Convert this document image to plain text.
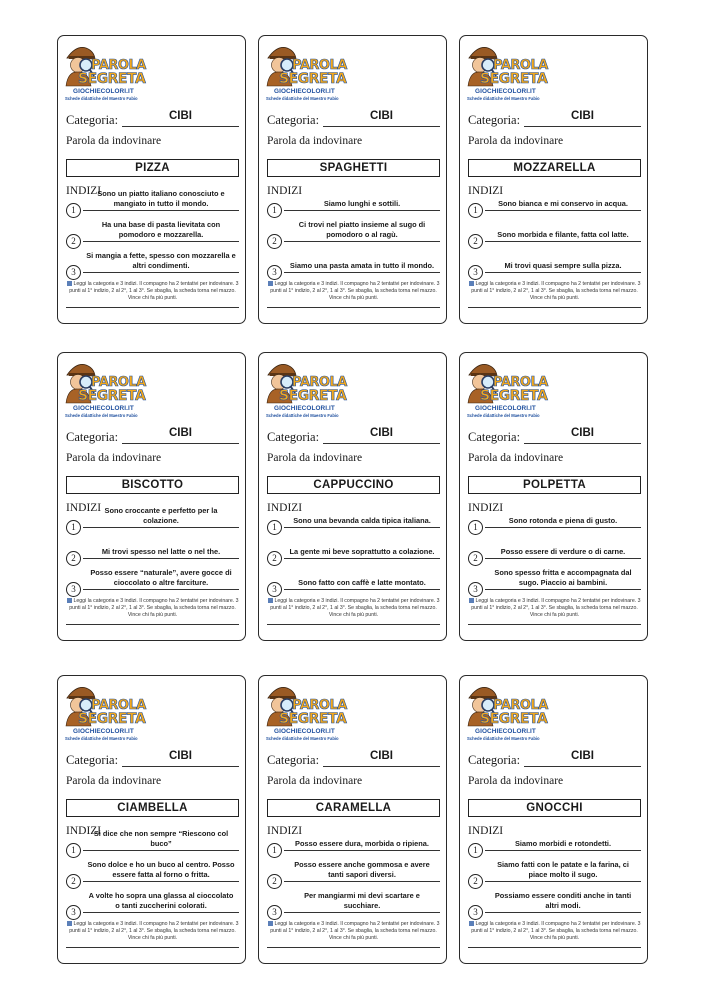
PAROLA
SEGRETA
GIOCHIECOLORI.IT
Schede didattiche del Maestro Fabio
Categoria:	CIBI
Parola da indovinare
PIZZA
INDIZI
1
Sono un piatto italiano conosciuto e mangiato in tutto il mondo.
2
Ha una base di pasta lievitata con pomodoro e mozzarella.
3
Si mangia a fette, spesso con mozzarella e altri condimenti.
Leggi la categoria e 3 indizi. Il compagno ha 2 tentativi per indovinare. 3 punti al 1° indizio, 2 al 2°, 1 al 3°. Se sbaglia, la scheda torna nel mazzo. Vince chi fa più punti.
PAROLA
SEGRETA
GIOCHIECOLORI.IT
Schede didattiche del Maestro Fabio
Categoria:	CIBI
Parola da indovinare
SPAGHETTI
INDIZI
1
Siamo lunghi e sottili.
2
Ci trovi nel piatto insieme al sugo di pomodoro o al ragù.
3
Siamo una pasta amata in tutto il mondo.
Leggi la categoria e 3 indizi. Il compagno ha 2 tentativi per indovinare. 3 punti al 1° indizio, 2 al 2°, 1 al 3°. Se sbaglia, la scheda torna nel mazzo. Vince chi fa più punti.
PAROLA
SEGRETA
GIOCHIECOLORI.IT
Schede didattiche del Maestro Fabio
Categoria:	CIBI
Parola da indovinare
MOZZARELLA
INDIZI
1
Sono bianca e mi conservo in acqua.
2
Sono morbida e filante, fatta col latte.
3
Mi trovi quasi sempre sulla pizza.
Leggi la categoria e 3 indizi. Il compagno ha 2 tentativi per indovinare. 3 punti al 1° indizio, 2 al 2°, 1 al 3°. Se sbaglia, la scheda torna nel mazzo. Vince chi fa più punti.
PAROLA
SEGRETA
GIOCHIECOLORI.IT
Schede didattiche del Maestro Fabio
Categoria:	CIBI
Parola da indovinare
BISCOTTO
INDIZI
1
Sono croccante e perfetto per la colazione.
2
Mi trovi spesso nel latte o nel the.
3
Posso essere “naturale”, avere gocce di cioccolato o altre farciture.
Leggi la categoria e 3 indizi. Il compagno ha 2 tentativi per indovinare. 3 punti al 1° indizio, 2 al 2°, 1 al 3°. Se sbaglia, la scheda torna nel mazzo. Vince chi fa più punti.
PAROLA
SEGRETA
GIOCHIECOLORI.IT
Schede didattiche del Maestro Fabio
Categoria:	CIBI
Parola da indovinare
CAPPUCCINO
INDIZI
1
Sono una bevanda calda tipica italiana.
2
La gente mi beve soprattutto a colazione.
3
Sono fatto con caffè e latte montato.
Leggi la categoria e 3 indizi. Il compagno ha 2 tentativi per indovinare. 3 punti al 1° indizio, 2 al 2°, 1 al 3°. Se sbaglia, la scheda torna nel mazzo. Vince chi fa più punti.
PAROLA
SEGRETA
GIOCHIECOLORI.IT
Schede didattiche del Maestro Fabio
Categoria:	CIBI
Parola da indovinare
POLPETTA
INDIZI
1
Sono rotonda e piena di gusto.
2
Posso essere di verdure o di carne.
3
Sono spesso fritta e accompagnata dal sugo. Piaccio ai bambini.
Leggi la categoria e 3 indizi. Il compagno ha 2 tentativi per indovinare. 3 punti al 1° indizio, 2 al 2°, 1 al 3°. Se sbaglia, la scheda torna nel mazzo. Vince chi fa più punti.
PAROLA
SEGRETA
GIOCHIECOLORI.IT
Schede didattiche del Maestro Fabio
Categoria:	CIBI
Parola da indovinare
CIAMBELLA
INDIZI
1
Si dice che non sempre “Riescono col buco”
2
Sono dolce e ho un buco al centro. Posso essere fatta al forno o fritta.
3
A volte ho sopra una glassa al cioccolato o tanti zuccherini colorati.
Leggi la categoria e 3 indizi. Il compagno ha 2 tentativi per indovinare. 3 punti al 1° indizio, 2 al 2°, 1 al 3°. Se sbaglia, la scheda torna nel mazzo. Vince chi fa più punti.
PAROLA
SEGRETA
GIOCHIECOLORI.IT
Schede didattiche del Maestro Fabio
Categoria:	CIBI
Parola da indovinare
CARAMELLA
INDIZI
1
Posso essere dura, morbida o ripiena.
2
Posso essere anche gommosa e avere tanti sapori diversi.
3
Per mangiarmi mi devi scartare e succhiare.
Leggi la categoria e 3 indizi. Il compagno ha 2 tentativi per indovinare. 3 punti al 1° indizio, 2 al 2°, 1 al 3°. Se sbaglia, la scheda torna nel mazzo. Vince chi fa più punti.
PAROLA
SEGRETA
GIOCHIECOLORI.IT
Schede didattiche del Maestro Fabio
Categoria:	CIBI
Parola da indovinare
GNOCCHI
INDIZI
1
Siamo morbidi e rotondetti.
2
Siamo fatti con le patate e la farina, ci piace molto il sugo.
3
Possiamo essere conditi anche in tanti altri modi.
Leggi la categoria e 3 indizi. Il compagno ha 2 tentativi per indovinare. 3 punti al 1° indizio, 2 al 2°, 1 al 3°. Se sbaglia, la scheda torna nel mazzo. Vince chi fa più punti.
